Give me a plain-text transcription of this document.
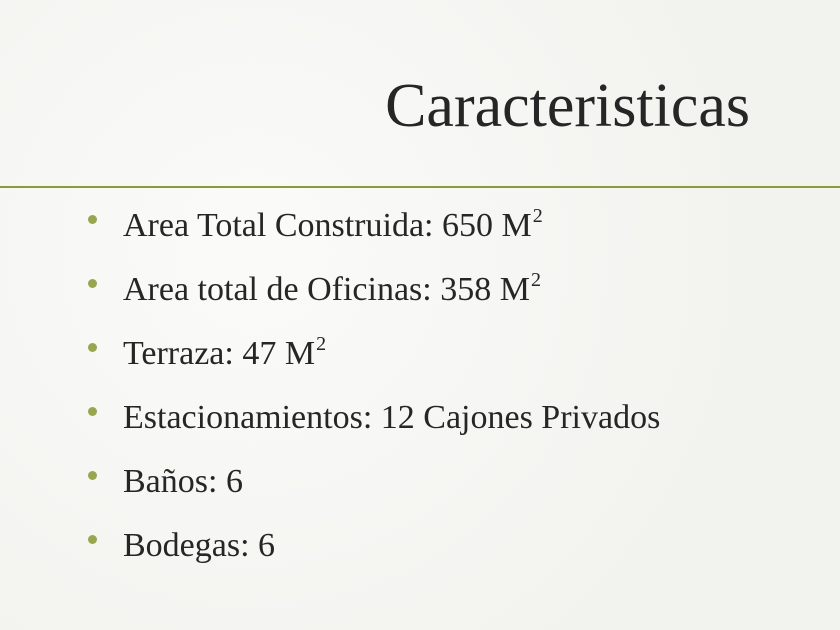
Caracteristicas
Area Total Construida: 650 M 2
Area total de Oficinas: 358 M 2
Terraza: 47 M 2
Estacionamientos: 12 Cajones Privados
Baños: 6
Bodegas: 6
